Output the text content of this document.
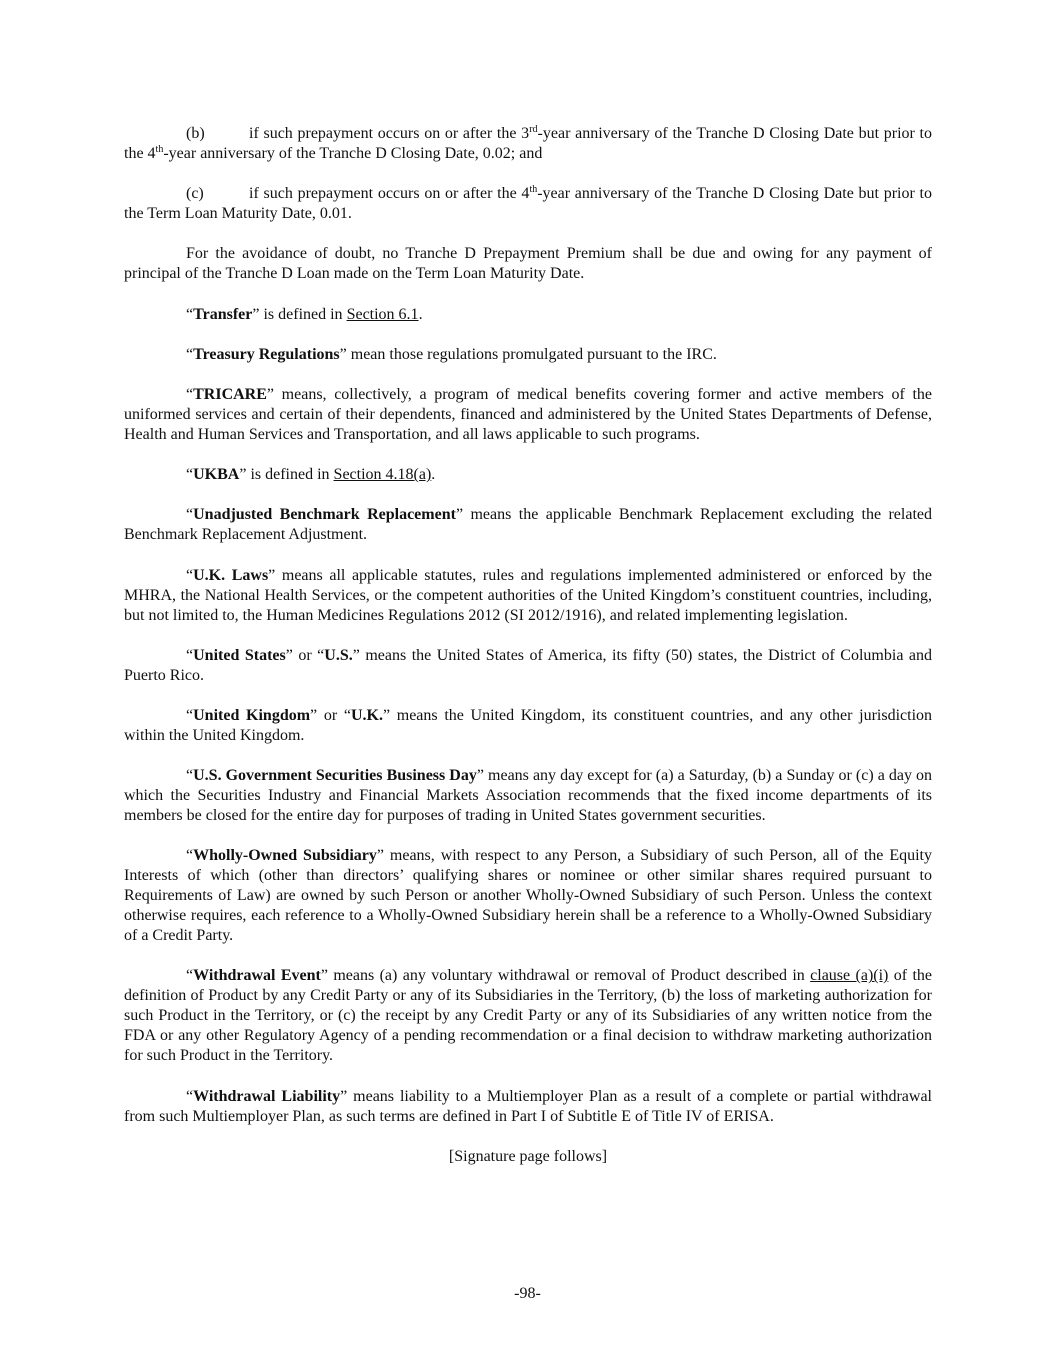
(b)	if such prepayment occurs on or after the 3rd-year anniversary of the Tranche D Closing Date but prior to the 4th-year anniversary of the Tranche D Closing Date, 0.02; and

(c)	if such prepayment occurs on or after the 4th-year anniversary of the Tranche D Closing Date but prior to the Term Loan Maturity Date, 0.01.

For the avoidance of doubt, no Tranche D Prepayment Premium shall be due and owing for any payment of principal of the Tranche D Loan made on the Term Loan Maturity Date.

“Transfer” is defined in Section 6.1.

“Treasury Regulations” mean those regulations promulgated pursuant to the IRC.

“TRICARE” means, collectively, a program of medical benefits covering former and active members of the uniformed services and certain of their dependents, financed and administered by the United States Departments of Defense, Health and Human Services and Transportation, and all laws applicable to such programs.

“UKBA” is defined in Section 4.18(a).

“Unadjusted Benchmark Replacement” means the applicable Benchmark Replacement excluding the related Benchmark Replacement Adjustment.

“U.K. Laws” means all applicable statutes, rules and regulations implemented administered or enforced by the MHRA, the National Health Services, or the competent authorities of the United Kingdom’s constituent countries, including, but not limited to, the Human Medicines Regulations 2012 (SI 2012/1916), and related implementing legislation.

“United States” or “U.S.” means the United States of America, its fifty (50) states, the District of Columbia and Puerto Rico.

“United Kingdom” or “U.K.” means the United Kingdom, its constituent countries, and any other jurisdiction within the United Kingdom.

“U.S. Government Securities Business Day” means any day except for (a) a Saturday, (b) a Sunday or (c) a day on which the Securities Industry and Financial Markets Association recommends that the fixed income departments of its members be closed for the entire day for purposes of trading in United States government securities.

“Wholly-Owned Subsidiary” means, with respect to any Person, a Subsidiary of such Person, all of the Equity Interests of which (other than directors’ qualifying shares or nominee or other similar shares required pursuant to Requirements of Law) are owned by such Person or another Wholly-Owned Subsidiary of such Person. Unless the context otherwise requires, each reference to a Wholly-Owned Subsidiary herein shall be a reference to a Wholly-Owned Subsidiary of a Credit Party.

“Withdrawal Event” means (a) any voluntary withdrawal or removal of Product described in clause (a)(i) of the definition of Product by any Credit Party or any of its Subsidiaries in the Territory, (b) the loss of marketing authorization for such Product in the Territory, or (c) the receipt by any Credit Party or any of its Subsidiaries of any written notice from the FDA or any other Regulatory Agency of a pending recommendation or a final decision to withdraw marketing authorization for such Product in the Territory.

“Withdrawal Liability” means liability to a Multiemployer Plan as a result of a complete or partial withdrawal from such Multiemployer Plan, as such terms are defined in Part I of Subtitle E of Title IV of ERISA.

[Signature page follows]

-98-
